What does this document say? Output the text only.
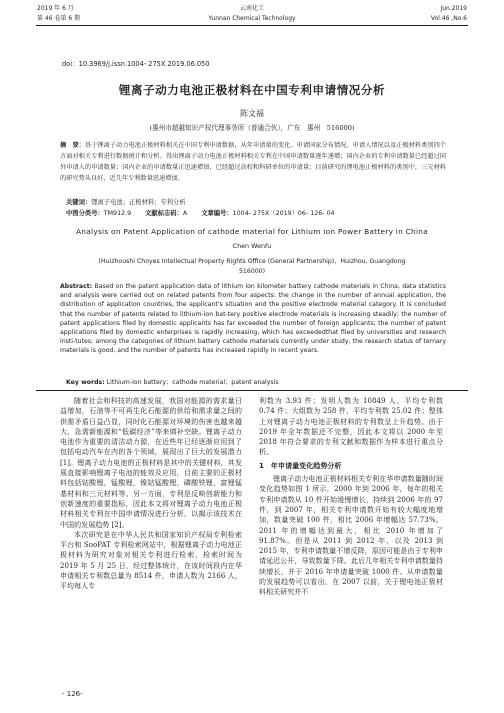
2019 年 6 月
第 46 卷第 6 期
云南化工
Yunnan Chemical Technology
Jun.2019
Vol.46 ,No.6
doi：10.3969/j.issn.1004- 275X.2019.06.050
锂离子动力电池正极材料在中国专利申请情况分析
陈文福
(惠州市超越知识产权代理事务所（普通合伙），广东　惠州　516000)
摘　要：基于锂离子动力电池正极材料相关在中国专利申请数据，从年申请量的变化、申请国家分布情况、申请人情况以及正极材料类别四个方面对相关专利进行数据统计和分析。得出锂离子动力电池正极材料相关专利在中国申请数量逐年递增；国内企业的专利申请数量已经超过国外申请人的申请数量；国内企业的申请数量正迅速增加，已经超过高校和科研单位的申请量；目前研究的锂电池正极材料的类别中，三元材料的研究势头良好，近几年专利数量迅速增加。
关键词：锂离子电池；正极材料；专利分析
中图分类号：TM912.9 文献标志码：A 文章编号：1004- 275X（2019）06- 126- 04
Analysis on Patent Application of cathode material for Lithium ion Power Battery in China
Chen Wenfu
(Huizhoushi Choyes Intellectual Property Rights Office (General Partnership)，Huizhou, Guangdong
516000)
Abstract: Based on the patent application data of lithium ion kilometer battery cathode materials in China, data statistics and analysis were carried out on related patents from four aspects: the change in the number of annual application, the distribution of application countries, the applicant's situation and the positive electrode material category. It is concluded that the number of patents related to lithium-ion bat-tery positive electrode materials is increasing steadily; the number of patent applications filed by domestic applicants has far exceeded the number of foreign applicants; the number of patent applications filed by domestic enterprises is rapidly increasing, which has exceededthat filed by universities and research insti-tutes; among the categories of lithium battery cathode materials currently under study, the research status of ternary materials is good, and the number of patents has increased rapidly in recent years.
Key words: Lithium-ion battery；cathode material；patent analysis

随着社会和科技的高速发展，我国对能源的需求量日益增加，石油等不可再生化石能源的供给和需求量之间的供需矛盾日益凸显，同时化石能源对环境的伤害也越来越大，急需新能源和“低碳经济”等来填补空缺。锂离子动力电池作为重要的清洁动力源，在近些年已经逐渐应用到了包括电动汽车在内的各个领域，展现出了巨大的发展潜力 [1]。锂离子动力电池的正极材料是其中的关键材料，其发展直接影响锂离子电池的能效及应用，目前主要的正极材料包括钴酸锂，锰酸锂，镍钴锰酸锂，磷酸铁锂，富锂锰基材料和三元材料等。另一方面，专利是反映创新能力和创新速度的重要指标，因此本文将对锂离子动力电池正极材料相关专利在中国申请情况进行分析，以揭示该技术在中国的发展趋势 [2]。

本次研究是在中华人民共和国家知识产权局专利检索平台和 SooPAT 专利检索网站中，根据锂离子动力电池正极材料为研究对象对相关专利进行检索，检索时间为 2019 年 5 月 25 日，经过整体统计，在该时间段内在华申请相关专利数总量为 8514 件，申请人数为 2166 人，平均每人专

利数为 3.93 件；发明人数为 10849 人，平均专利数 0.74 件；大组数为 258 件，平均专利数 25.02 件；整体上对锂离子动力电池正极材料的专利数呈上升趋势。由于 2019 年全年数据还不完整，因此本文将以 2000 年至 2018 年符合要求的专利文献和数据作为样本进行重点分析。

1　年申请量变化趋势分析

锂离子动力电池正极材料相关专利在华申请数量随时间变化趋势如图 1 所示，2000 年到 2006 年，每年的相关专利申请数从 10 件开始缓慢增长，持续到 2006 年的 97 件，到 2007 年，相关专利申请数开始有较大幅度地增加，数量突破 100 件，相比 2006 年增幅达 57.73%。2011 年的增幅达到最大，相比 2010 年增加了 91.87%。但是从 2011 到 2012 年，以及 2013 到 2015 年，专利申请数量不增反降，原因可能是由于专利申请延迟公开，导致数量下降。此后几年相关专利申请数量持续增长，并于 2016 年申请量突破 1000 件。从申请数量的发展趋势可以看出，在 2007 以前，关于锂电池正极材料相关研究并不

- 126-
